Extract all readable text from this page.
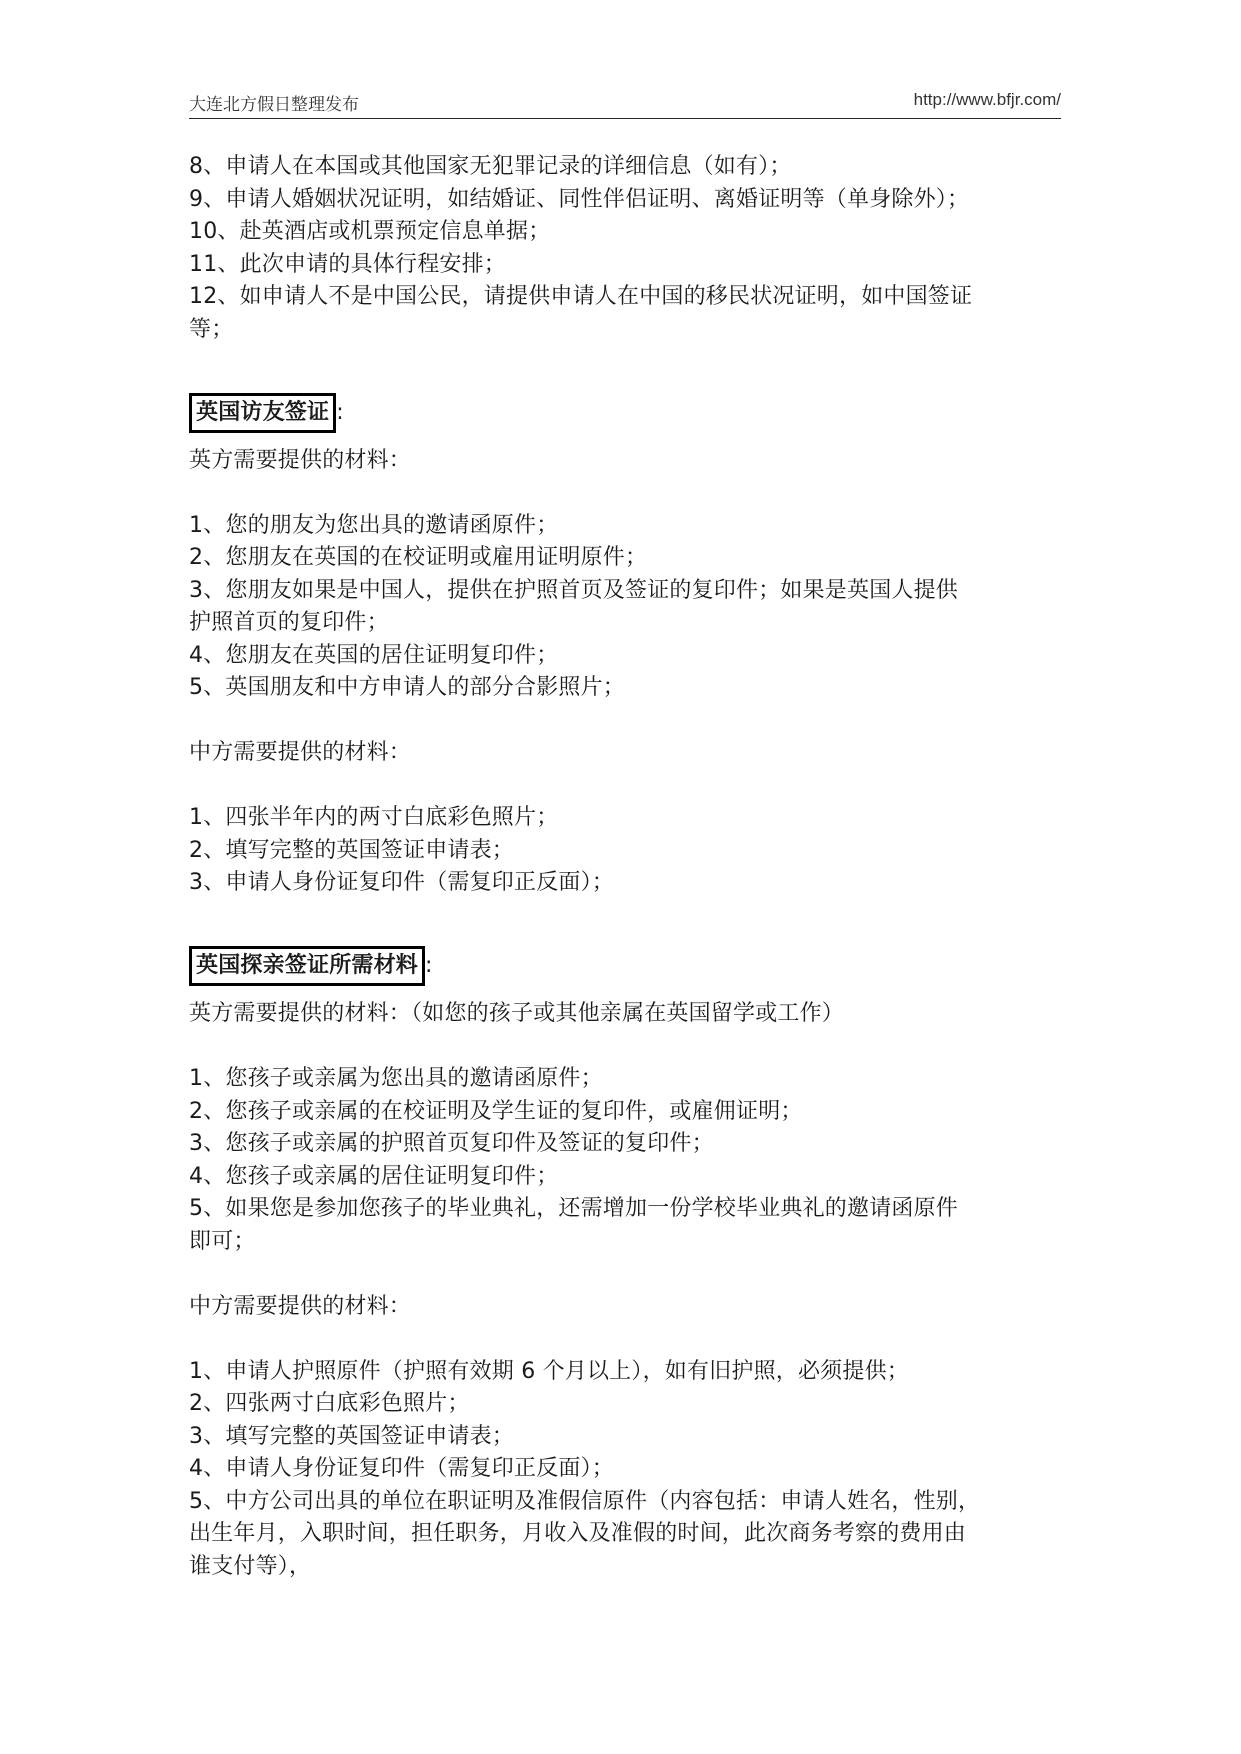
大连北方假日整理发布	http://www.bfjr.com/
8、申请人在本国或其他国家无犯罪记录的详细信息（如有）；
9、申请人婚姻状况证明，如结婚证、同性伴侣证明、离婚证明等（单身除外）；
10、赴英酒店或机票预定信息单据；
11、此次申请的具体行程安排；
12、如申请人不是中国公民，请提供申请人在中国的移民状况证明，如中国签证
等；
英国访友签证 :
英方需要提供的材料：
1、您的朋友为您出具的邀请函原件；
2、您朋友在英国的在校证明或雇用证明原件；
3、您朋友如果是中国人，提供在护照首页及签证的复印件；如果是英国人提供
护照首页的复印件；
4、您朋友在英国的居住证明复印件；
5、英国朋友和中方申请人的部分合影照片；
中方需要提供的材料：
1、四张半年内的两寸白底彩色照片；
2、填写完整的英国签证申请表；
3、申请人身份证复印件（需复印正反面）；
英国探亲签证所需材料 :
英方需要提供的材料：（如您的孩子或其他亲属在英国留学或工作）
1、您孩子或亲属为您出具的邀请函原件；
2、您孩子或亲属的在校证明及学生证的复印件，或雇佣证明；
3、您孩子或亲属的护照首页复印件及签证的复印件；
4、您孩子或亲属的居住证明复印件；
5、如果您是参加您孩子的毕业典礼，还需增加一份学校毕业典礼的邀请函原件
即可；
中方需要提供的材料：
1、申请人护照原件（护照有效期 6 个月以上），如有旧护照，必须提供；
2、四张两寸白底彩色照片；
3、填写完整的英国签证申请表；
4、申请人身份证复印件（需复印正反面）；
5、中方公司出具的单位在职证明及准假信原件（内容包括：申请人姓名，性别，
出生年月，入职时间，担任职务，月收入及准假的时间，此次商务考察的费用由
谁支付等），
